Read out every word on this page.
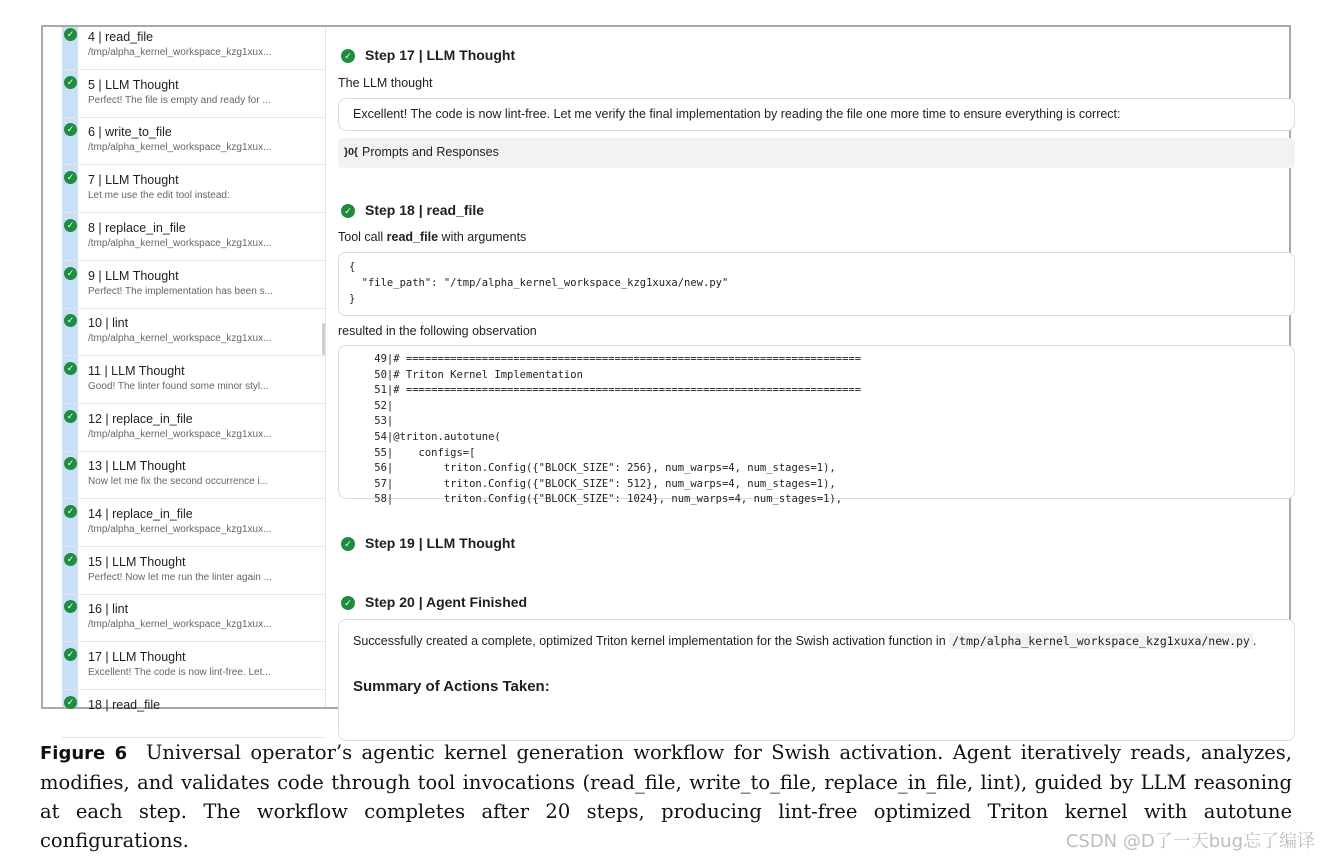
✓ 4 | read_file
/tmp/alpha_kernel_workspace_kzg1xux...
✓ 5 | LLM Thought
Perfect! The file is empty and ready for ...
✓ 6 | write_to_file
/tmp/alpha_kernel_workspace_kzg1xux...
✓ 7 | LLM Thought
Let me use the edit tool instead:
✓ 8 | replace_in_file
/tmp/alpha_kernel_workspace_kzg1xux...
✓ 9 | LLM Thought
Perfect! The implementation has been s...
✓ 10 | lint
/tmp/alpha_kernel_workspace_kzg1xux...
✓ 11 | LLM Thought
Good! The linter found some minor styl...
✓ 12 | replace_in_file
/tmp/alpha_kernel_workspace_kzg1xux...
✓ 13 | LLM Thought
Now let me fix the second occurrence i...
✓ 14 | replace_in_file
/tmp/alpha_kernel_workspace_kzg1xux...
✓ 15 | LLM Thought
Perfect! Now let me run the linter again ...
✓ 16 | lint
/tmp/alpha_kernel_workspace_kzg1xux...
✓ 17 | LLM Thought
Excellent! The code is now lint-free. Let...
✓ 18 | read_file
✓ Step 17 | LLM Thought
The LLM thought
Excellent! The code is now lint-free. Let me verify the final implementation by reading the file one more time to ensure everything is correct:
}0{ Prompts and Responses
✓ Step 18 | read_file
Tool call read_file with arguments
{
"file_path": "/tmp/alpha_kernel_workspace_kzg1xuxa/new.py"
}
resulted in the following observation
49|# ========================================================================
50|# Triton Kernel Implementation
51|# ========================================================================
52|
53|
54|@triton.autotune(
55|    configs=[
56|        triton.Config({"BLOCK_SIZE": 256}, num_warps=4, num_stages=1),
57|        triton.Config({"BLOCK_SIZE": 512}, num_warps=4, num_stages=1),
58|        triton.Config({"BLOCK_SIZE": 1024}, num_warps=4, num_stages=1),
✓ Step 19 | LLM Thought
✓ Step 20 | Agent Finished
Successfully created a complete, optimized Triton kernel implementation for the Swish activation function in /tmp/alpha_kernel_workspace_kzg1xuxa/new.py .
Summary of Actions Taken:
Figure 6 Universal operator’s agentic kernel generation workflow for Swish activation. Agent iteratively reads, analyzes, modifies, and validates code through tool invocations (read_file, write_to_file, replace_in_file, lint), guided by LLM reasoning at each step. The workflow completes after 20 steps, producing lint-free optimized Triton kernel with autotune configurations.	CSDN @D了一天bug忘了编译
